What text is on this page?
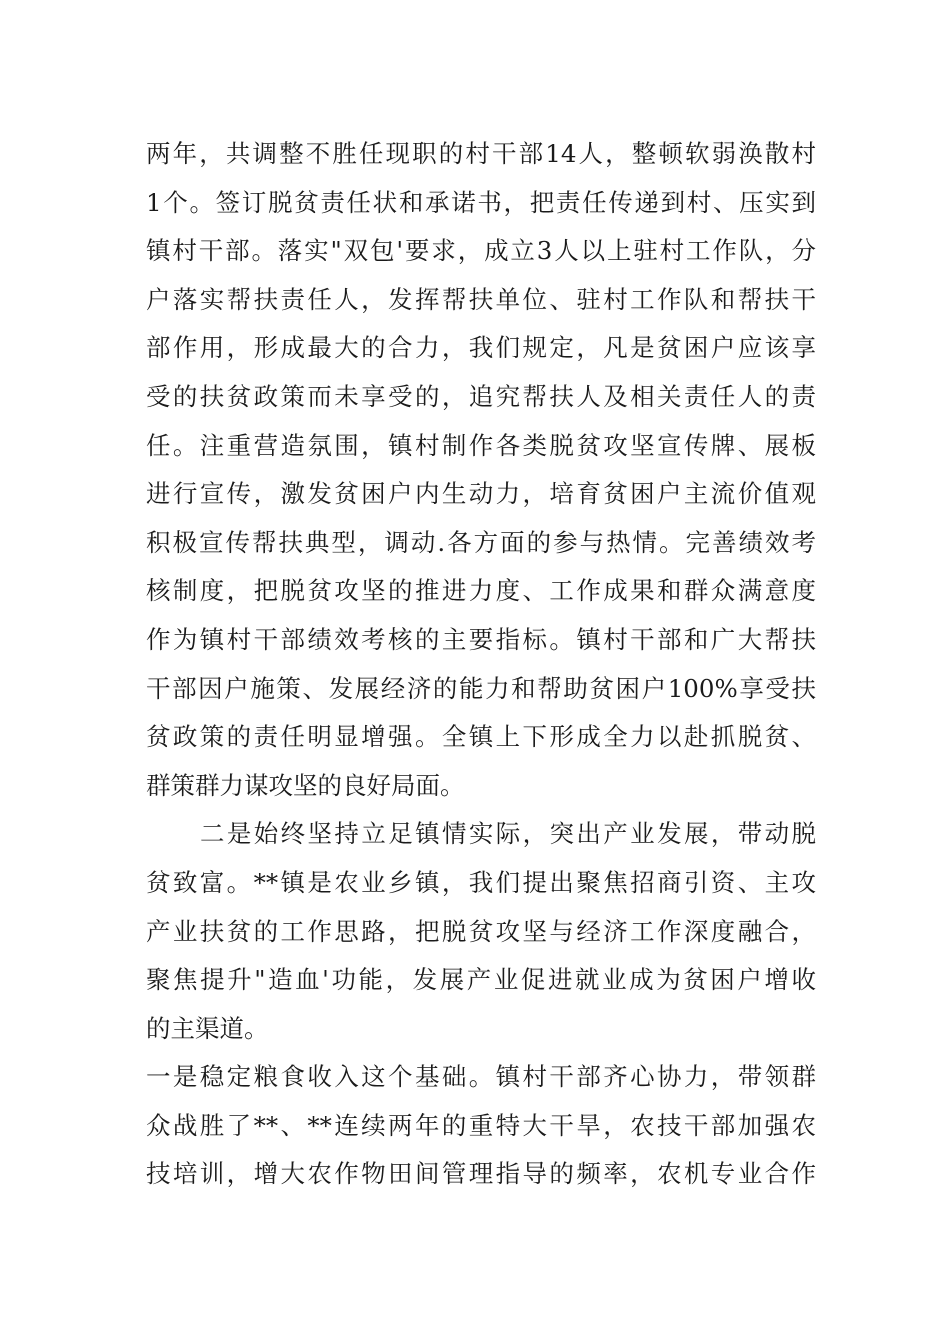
两年，共调整不胜任现职的村干部14人，整顿软弱涣散村
1个。签订脱贫责任状和承诺书，把责任传递到村、压实到
镇村干部。落实"双包'要求，成立3人以上驻村工作队，分
户落实帮扶责任人，发挥帮扶单位、驻村工作队和帮扶干
部作用，形成最大的合力，我们规定，凡是贫困户应该享
受的扶贫政策而未享受的，追究帮扶人及相关责任人的责
任。注重营造氛围，镇村制作各类脱贫攻坚宣传牌、展板
进行宣传，激发贫困户内生动力，培育贫困户主流价值观
积极宣传帮扶典型，调动.各方面的参与热情。完善绩效考
核制度，把脱贫攻坚的推进力度、工作成果和群众满意度
作为镇村干部绩效考核的主要指标。镇村干部和广大帮扶
干部因户施策、发展经济的能力和帮助贫困户100%享受扶
贫政策的责任明显增强。全镇上下形成全力以赴抓脱贫、
群策群力谋攻坚的良好局面。
二是始终坚持立足镇情实际，突出产业发展，带动脱
贫致富。**镇是农业乡镇，我们提出聚焦招商引资、主攻
产业扶贫的工作思路，把脱贫攻坚与经济工作深度融合，
聚焦提升"造血'功能，发展产业促进就业成为贫困户增收
的主渠道。
一是稳定粮食收入这个基础。镇村干部齐心协力，带领群
众战胜了**、**连续两年的重特大干旱，农技干部加强农
技培训，增大农作物田间管理指导的频率，农机专业合作
